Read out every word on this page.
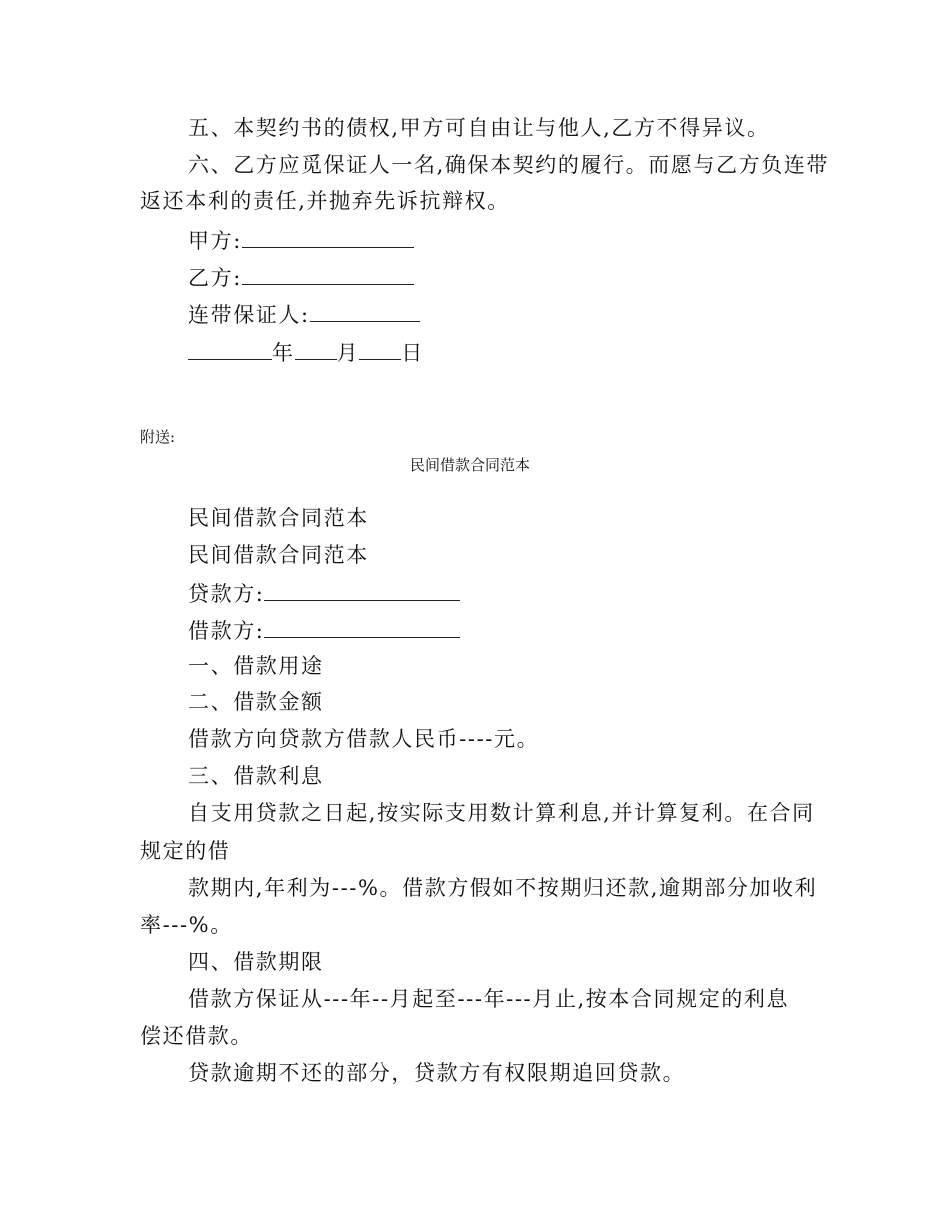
五、本契约书的债权,甲方可自由让与他人,乙方不得异议。
六、乙方应觅保证人一名,确保本契约的履行。而愿与乙方负连带
返还本利的责任,并抛弃先诉抗辩权。
甲方:
乙方:
连带保证人:
年 月 日
附送:
民间借款合同范本
民间借款合同范本
民间借款合同范本
贷款方:
借款方:
一、借款用途
二、借款金额
借款方向贷款方借款人民币----元。
三、借款利息
自支用贷款之日起,按实际支用数计算利息,并计算复利。在合同
规定的借
款期内,年利为---%。借款方假如不按期归还款,逾期部分加收利
率---%。
四、借款期限
借款方保证从---年--月起至---年---月止,按本合同规定的利息
偿还借款。
贷款逾期不还的部分，贷款方有权限期追回贷款。
